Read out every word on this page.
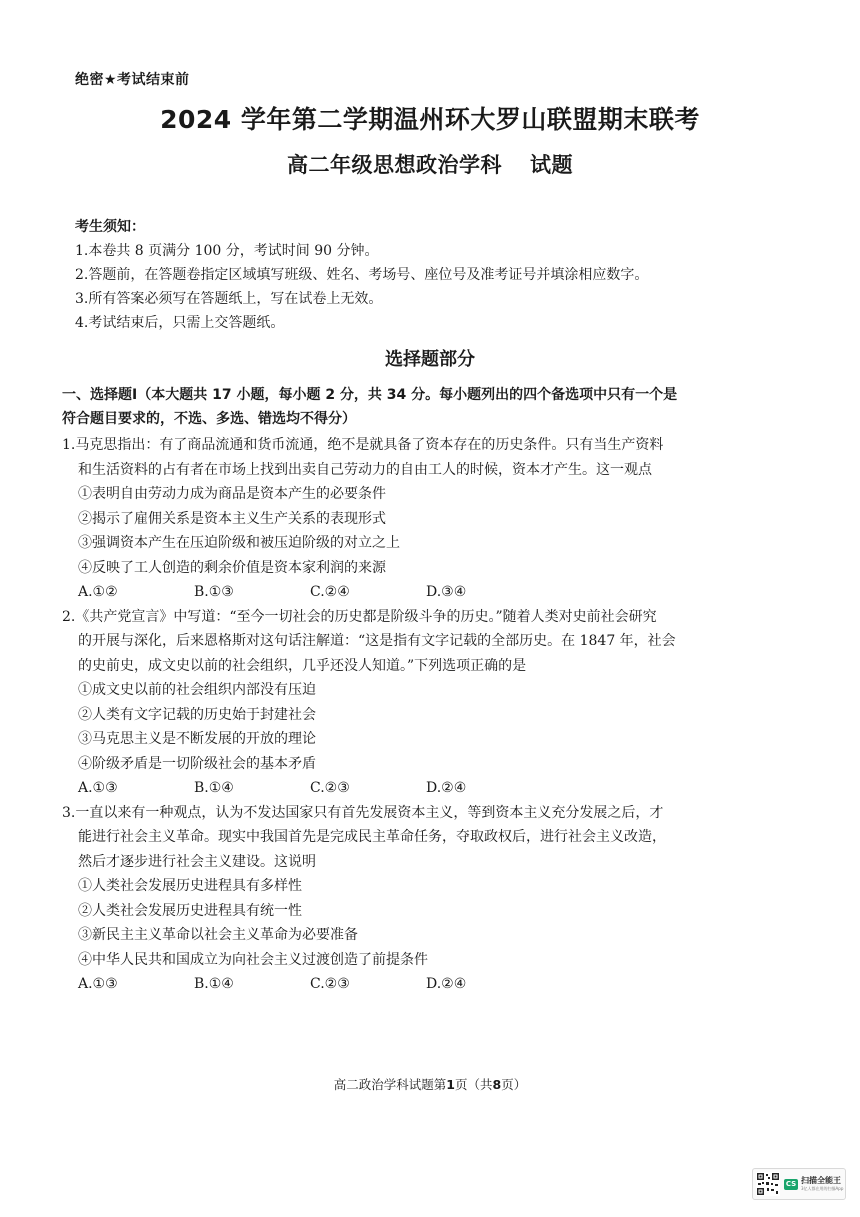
绝密★考试结束前
2024 学年第二学期温州环大罗山联盟期末联考
高二年级思想政治学科 试题
考生须知：
1.本卷共 8 页满分 100 分，考试时间 90 分钟。
2.答题前，在答题卷指定区域填写班级、姓名、考场号、座位号及准考证号并填涂相应数字。
3.所有答案必须写在答题纸上，写在试卷上无效。
4.考试结束后，只需上交答题纸。
选择题部分
一、选择题Ⅰ（本大题共 17 小题，每小题 2 分，共 34 分。每小题列出的四个备选项中只有一个是
符合题目要求的，不选、多选、错选均不得分）
1.马克思指出：有了商品流通和货币流通，绝不是就具备了资本存在的历史条件。只有当生产资料
和生活资料的占有者在市场上找到出卖自己劳动力的自由工人的时候，资本才产生。这一观点
①表明自由劳动力成为商品是资本产生的必要条件
②揭示了雇佣关系是资本主义生产关系的表现形式
③强调资本产生在压迫阶级和被压迫阶级的对立之上
④反映了工人创造的剩余价值是资本家利润的来源
A.①②	B.①③	C.②④	D.③④
2.《共产党宣言》中写道：“至今一切社会的历史都是阶级斗争的历史。”随着人类对史前社会研究
的开展与深化，后来恩格斯对这句话注解道：“这是指有文字记载的全部历史。在 1847 年，社会
的史前史，成文史以前的社会组织，几乎还没人知道。”下列选项正确的是
①成文史以前的社会组织内部没有压迫
②人类有文字记载的历史始于封建社会
③马克思主义是不断发展的开放的理论
④阶级矛盾是一切阶级社会的基本矛盾
A.①③	B.①④	C.②③	D.②④
3.一直以来有一种观点，认为不发达国家只有首先发展资本主义，等到资本主义充分发展之后，才
能进行社会主义革命。现实中我国首先是完成民主革命任务，夺取政权后，进行社会主义改造，
然后才逐步进行社会主义建设。这说明
①人类社会发展历史进程具有多样性
②人类社会发展历史进程具有统一性
③新民主主义革命以社会主义革命为必要准备
④中华人民共和国成立为向社会主义过渡创造了前提条件
A.①③	B.①④	C.②③	D.②④
高二政治学科试题第1页（共8页）
CS 扫描全能王
3亿人都在用的扫描App
